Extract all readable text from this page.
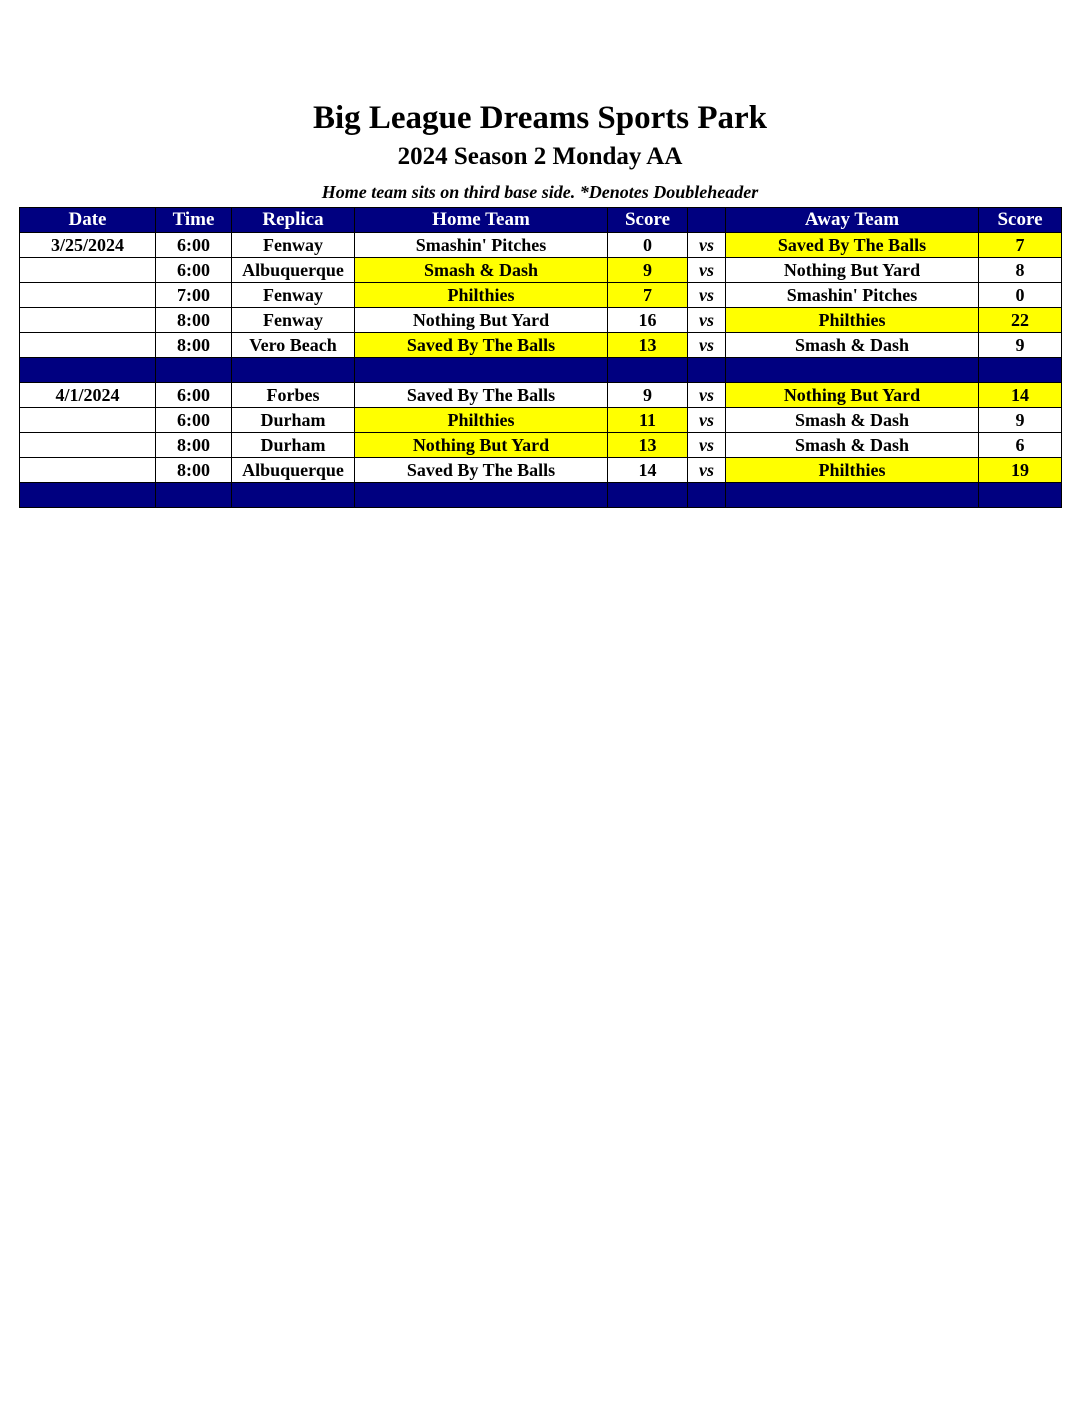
Big League Dreams Sports Park
2024 Season 2 Monday AA
Home team sits on third base side. *Denotes Doubleheader
Date	Time	Replica	Home Team	Score		Away Team	Score
3/25/2024	6:00	Fenway	Smashin' Pitches	0	vs	Saved By The Balls	7
	6:00	Albuquerque	Smash & Dash	9	vs	Nothing But Yard	8
	7:00	Fenway	Philthies	7	vs	Smashin' Pitches	0
	8:00	Fenway	Nothing But Yard	16	vs	Philthies	22
	8:00	Vero Beach	Saved By The Balls	13	vs	Smash & Dash	9

4/1/2024	6:00	Forbes	Saved By The Balls	9	vs	Nothing But Yard	14
	6:00	Durham	Philthies	11	vs	Smash & Dash	9
	8:00	Durham	Nothing But Yard	13	vs	Smash & Dash	6
	8:00	Albuquerque	Saved By The Balls	14	vs	Philthies	19
